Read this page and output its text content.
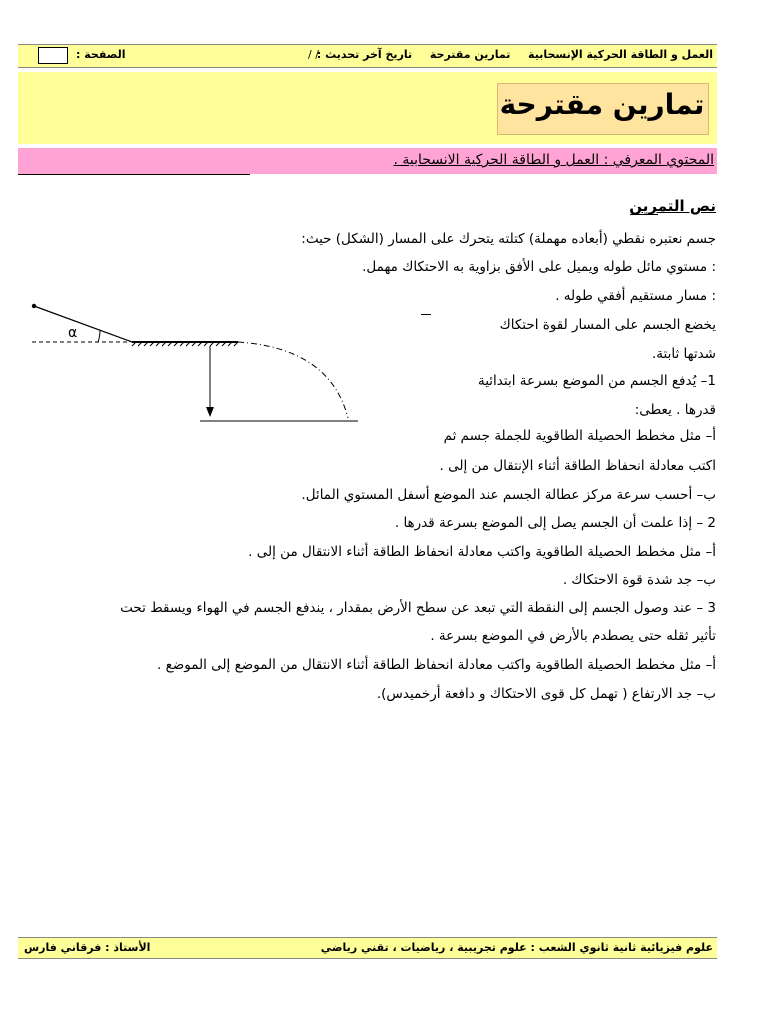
العمل و الطاقة الحركية الإنسحابية  تمارين مقترحة  تاريخ آخر تحديث :
/ /
الصفحة :
تمارين مقترحة
المحتوي المعرفي : العمل و الطاقة الحركية الانسحابية .
نص التمرين
جسم نعتبره نقطي (أبعاده مهملة) كتلته يتحرك على المسار (الشكل) حيث:
: مستوي مائل طوله ويميل على الأفق بزاوية به الاحتكاك مهمل.
: مسار مستقيم أفقي طوله .
يخضع الجسم على المسار لقوة احتكاك
شدتها ثابتة.
1– يُدفع الجسم من الموضع بسرعة ابتدائية
قدرها . يعطى:
أ– مثل مخطط الحصيلة الطاقوية للجملة جسم ثم
اكتب معادلة انحفاظ الطاقة أثناء الإنتقال من إلى .
ب– أحسب سرعة مركز عطالة الجسم عند الموضع أسفل المستوي المائل.
2 – إذا علمت أن الجسم يصل إلى الموضع بسرعة قدرها .
أ– مثل مخطط الحصيلة الطاقوية واكتب معادلة انحفاظ الطاقة أثناء الانتقال من إلى .
ب– جد شدة قوة الاحتكاك .
3 – عند وصول الجسم إلى النقطة التي تبعد عن سطح الأرض بمقدار ، يندفع الجسم في الهواء ويسقط تحت
تأثير ثقله حتى يصطدم بالأرض في الموضع بسرعة .
أ– مثل مخطط الحصيلة الطاقوية واكتب معادلة انحفاظ الطاقة أثناء الانتقال من الموضع إلى الموضع .
ب– جد الارتفاع ( تهمل كل قوى الاحتكاك و دافعة أرخميدس).
α
علوم فيزيائية ثانية ثانوي الشعب : علوم تجريبية ، رياضيات ، تقني رياضي
الأستاذ : فرقاني فارس
